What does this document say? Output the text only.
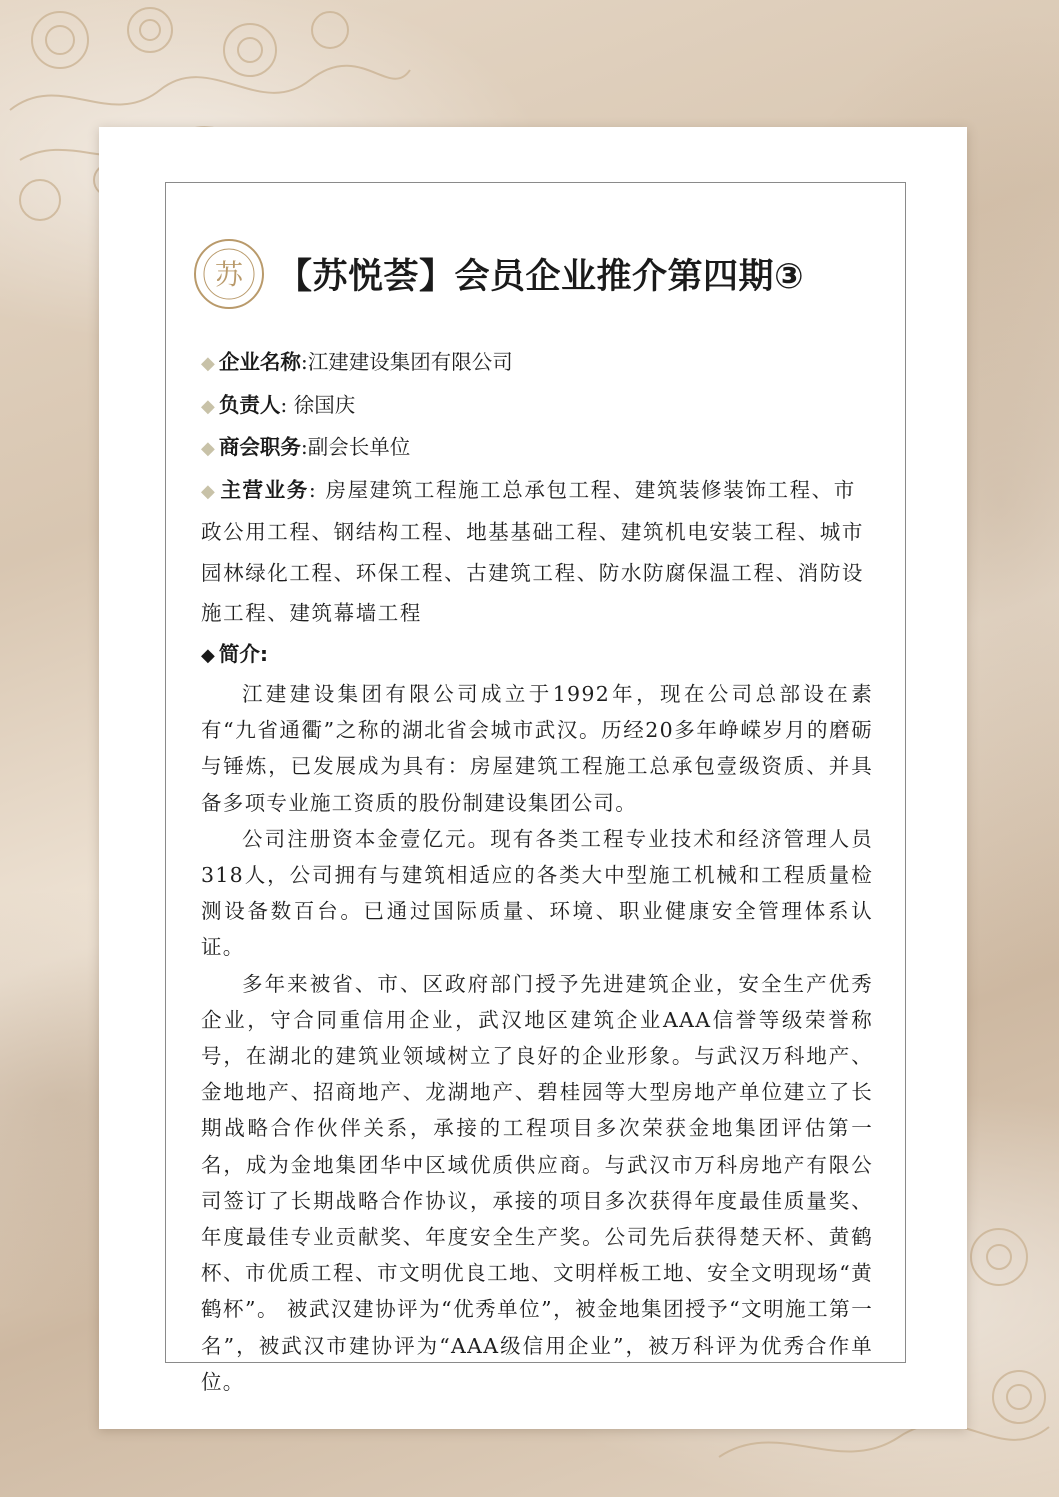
苏 【苏悦荟】会员企业推介第四期③
◆ 企业名称:江建建设集团有限公司
◆ 负责人: 徐国庆
◆ 商会职务:副会长单位
◆ 主营业务: 房屋建筑工程施工总承包工程、建筑装修装饰工程、市政公用工程、钢结构工程、地基基础工程、建筑机电安装工程、城市园林绿化工程、环保工程、古建筑工程、防水防腐保温工程、消防设施工程、建筑幕墙工程
◆ 简介:

江建建设集团有限公司成立于1992年，现在公司总部设在素有“九省通衢”之称的湖北省会城市武汉。历经20多年峥嵘岁月的磨砺与锤炼，已发展成为具有：房屋建筑工程施工总承包壹级资质、并具备多项专业施工资质的股份制建设集团公司。

公司注册资本金壹亿元。现有各类工程专业技术和经济管理人员318人，公司拥有与建筑相适应的各类大中型施工机械和工程质量检测设备数百台。已通过国际质量、环境、职业健康安全管理体系认证。

多年来被省、市、区政府部门授予先进建筑企业，安全生产优秀企业，守合同重信用企业，武汉地区建筑企业AAA信誉等级荣誉称号，在湖北的建筑业领域树立了良好的企业形象。与武汉万科地产、金地地产、招商地产、龙湖地产、碧桂园等大型房地产单位建立了长期战略合作伙伴关系，承接的工程项目多次荣获金地集团评估第一名，成为金地集团华中区域优质供应商。与武汉市万科房地产有限公司签订了长期战略合作协议，承接的项目多次获得年度最佳质量奖、年度最佳专业贡献奖、年度安全生产奖。公司先后获得楚天杯、黄鹤杯、市优质工程、市文明优良工地、文明样板工地、安全文明现场“黄鹤杯”。 被武汉建协评为“优秀单位”，被金地集团授予“文明施工第一名”，被武汉市建协评为“AAA级信用企业”，被万科评为优秀合作单位。
